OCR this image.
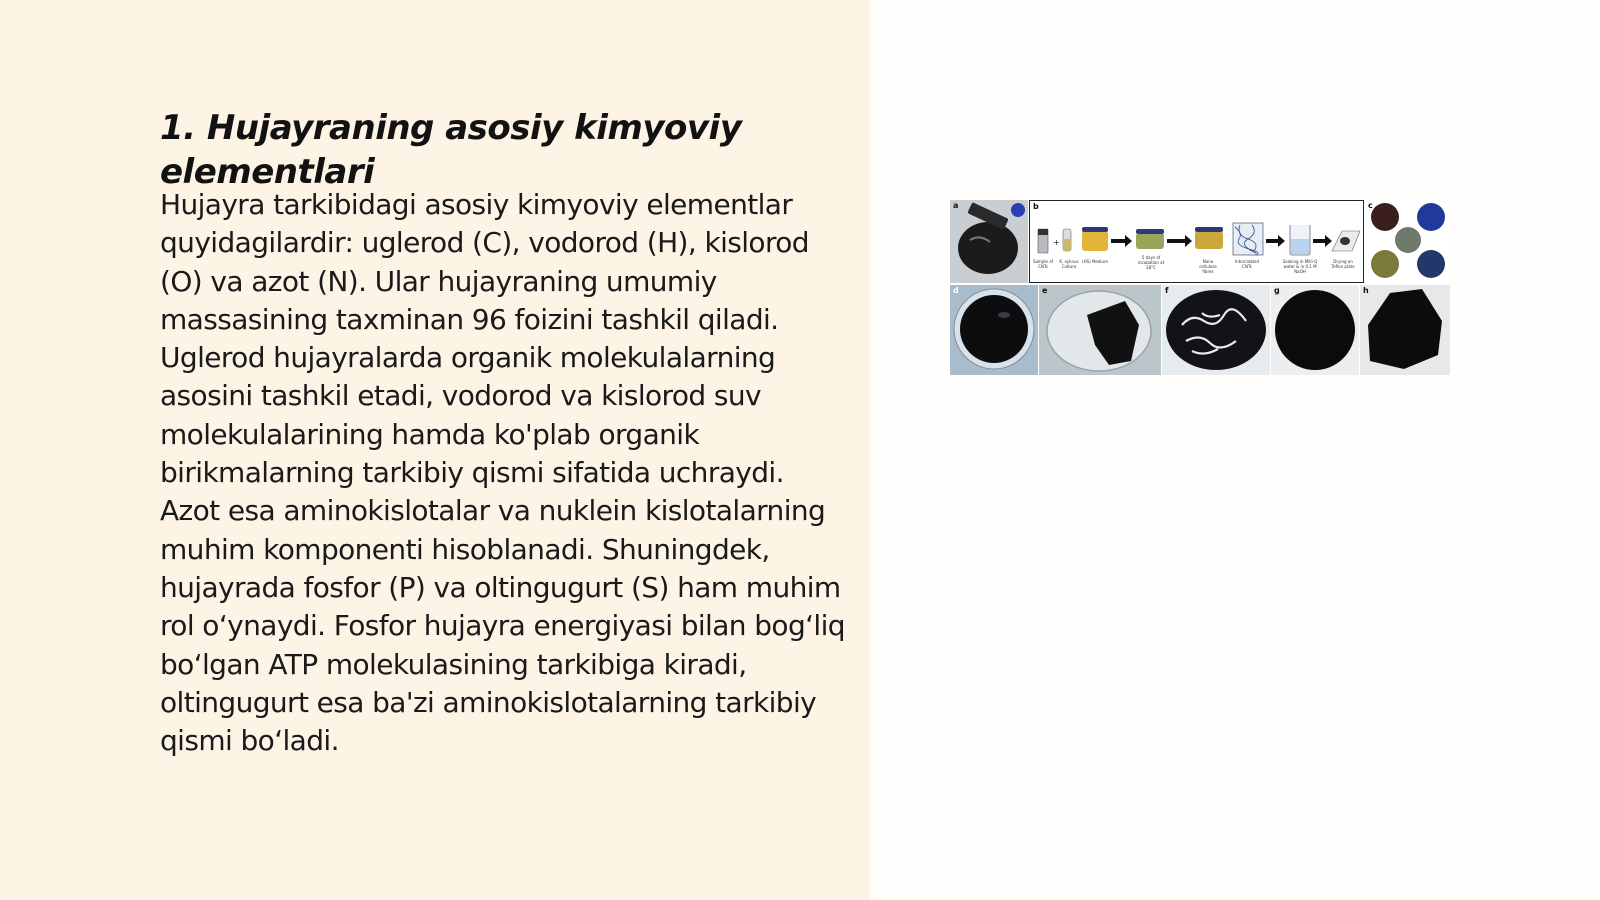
1. Hujayraning asosiy kimyoviy elementlari

Hujayra tarkibidagi asosiy kimyoviy elementlar quyidagilardir: uglerod (C), vodorod (H), kislorod (O) va azot (N). Ular hujayraning umumiy massasining taxminan 96 foizini tashkil qiladi. Uglerod hujayralarda organik molekulalarning asosini tashkil etadi, vodorod va kislorod suv molekulalarining hamda ko'plab organik birikmalarning tarkibiy qismi sifatida uchraydi. Azot esa aminokislotalar va nuklein kislotalarning muhim komponenti hisoblanadi. Shuningdek, hujayrada fosfor (P) va oltingugurt (S) ham muhim rol o‘ynaydi. Fosfor hujayra energiyasi bilan bog‘liq bo‘lgan ATP molekulasining tarkibiga kiradi, oltingugurt esa ba'zi aminokislotalarning tarkibiy qismi bo‘ladi.

a	b
+
Sample of CNTs
K. xylinus Culture
(HS) Medium
5 days of incubation at 28°C
Nano cellulose fibres
Intercalated CNTs
Soaking in Milli-Q water & in 0.1 M NaOH
Drying on Teflon plate
c
d	e	f	g	h
